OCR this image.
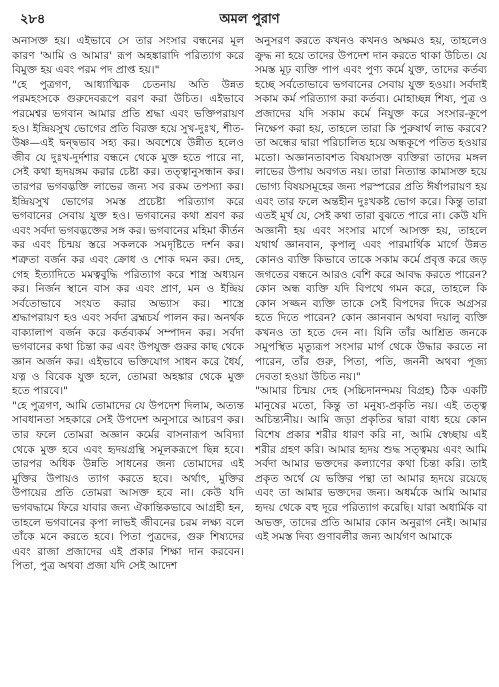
২৮৪	অমল পুরাণ

অনাসক্ত হয়। এইভাবে সে তার সংসার বন্ধনের মূল কারণ 'আমি ও আমার' রূপ অহঙ্কারাদি পরিত্যাগ করে বিমুক্ত হয় এবং পরম পদ প্রাপ্ত হয়।"

"হে পুত্রগণ, আধ্যাত্মিক চেতনায় অতি উন্নত পরমহংসকে গুরুদেবরূপে বরণ করা উচিত। এইভাবে পরমেশ্বর ভগবান আমার প্রতি শ্রদ্ধা এবং ভক্তিপরায়ণ হও। ইন্দ্রিয়সুখ ভোগের প্রতি বিরক্ত হয়ে সুখ-দুঃখ, শীত-উষ্ণ—এই দ্বন্দ্বভাব সহ্য কর। অবশেষে উন্নীত হলেও জীব যে দুঃখ-দুর্দশার বন্ধনে থেকে মুক্ত হতে পারে না, সেই কথা হৃদয়ঙ্গম করার চেষ্টা কর। তত্ত্বানুসন্ধান কর। তারপর ভগবদ্ভক্তি লাভের জন্য সব রকম তপস্যা কর। ইন্দ্রিয়সুখ ভোগের সমস্ত প্রচেষ্টা পরিত্যাগ করে ভগবানের সেবায় যুক্ত হও। ভগবানের কথা শ্রবণ কর এবং সর্বদা ভগবদ্ভক্তের সঙ্গ কর। ভগবানের মহিমা কীর্তন কর এবং চিন্ময় স্তরে সকলকে সমদৃষ্টিতে দর্শন কর। শত্রুতা বর্জন কর এবং ক্রোধ ও শোক দমন কর। দেহ, গেহ ইত্যাদিতে মমত্ববুদ্ধি পরিত্যাগ করে শাস্ত্র অধ্যয়ন কর। নির্জন স্থানে বাস কর এবং প্রাণ, মন ও ইন্দ্রিয় সর্বতোভাবে সংযত করার অভ্যাস কর। শাস্ত্রে শ্রদ্ধাপরায়ণ হও এবং সর্বদা ব্রহ্মচর্য পালন কর। অনর্থক বাক্যালাপ বর্জন করে কর্তব্যকর্ম সম্পাদন কর। সর্বদা ভগবানের কথা চিন্তা কর এবং উপযুক্ত গুরুর কাছ থেকে জ্ঞান অর্জন কর। এইভাবে ভক্তিযোগ সাধন করে ধৈর্য, যত্ন ও বিবেক যুক্ত হলে, তোমরা অহঙ্কার থেকে মুক্ত হতে পারবে।"

"হে পুত্রগণ, আমি তোমাদের যে উপদেশ দিলাম, অত্যন্ত সাবধানতা সহকারে সেই উপদেশ অনুসারে আচরণ কর। তার ফলে তোমরা অজ্ঞান কর্মের বাসনারূপ অবিদ্যা থেকে মুক্ত হবে এবং হৃদয়গ্রন্থি সমূলকরূপে ছিন্ন হবে। তারপর অধিক উন্নতি সাধনের জন্য তোমাদের এই মুক্তির উপায়ও ত্যাগ করতে হবে। অর্থাৎ, মুক্তির উপায়ের প্রতি তোমরা আসক্ত হবে না। কেউ যদি ভগবদ্ধামে ফিরে যাবার জন্য ঐকান্তিকভাবে আগ্রহী হন, তাহলে ভগবানের কৃপা লাভই জীবনের চরম লক্ষ্য বলে তাঁকে মনে করতে হবে। পিতা পুত্রদের, গুরু শিষ্যদের এবং রাজা প্রজাদের এই প্রকার শিক্ষা দান করবেন। পিতা, পুত্র অথবা প্রজা যদি সেই আদেশ

অনুসরণ করতে কখনও কখনও অক্ষমও হয়, তাহলেও ক্রুদ্ধ না হয়ে তাদের উপদেশ দান করতে থাকা উচিত। যে সমস্ত মূঢ় ব্যক্তি পাপ এবং পুণ্য কর্মে যুক্ত, তাদের কর্তব্য হচ্ছে সর্বতোভাবে ভগবানের সেবায় যুক্ত হওয়া। সর্বদাই সকাম কর্ম পরিত্যাগ করা কর্তব্য। মোহাচ্ছন্ন শিষ্য, পুত্র ও প্রজাদের যদি সকাম কর্মে নিযুক্ত করে সংসার-কূপে নিক্ষেপ করা হয়, তাহলে তারা কি পুরুষার্থ লাভ করবে? তা অন্ধের দ্বারা পরিচালিত হয়ে অন্ধকূপে পতিত হওয়ার মতো। অজ্ঞানতাবশত বিষয়াসক্ত ব্যক্তিরা তাদের মঙ্গল লাভের উপায় অবগত নয়। তারা নিত্যান্ত কামাসক্ত হয়ে ভোগ্য বিষয়সমূহের জন্য পরস্পরের প্রতি ঈর্ষাপরায়ণ হয় এবং তার ফলে অন্তহীন দুঃখকষ্ট ভোগ করে। কিন্তু তারা এতই মূর্খ যে, সেই কথা তারা বুঝতে পারে না। কেউ যদি অজ্ঞানী হয় এবং সংসার মার্গে আসক্ত হয়, তাহলে যথার্থ জ্ঞানবান, কৃপালু এবং পারমার্থিক মার্গে উন্নত কোনও ব্যক্তি কিভাবে তাকে সকাম কর্মে প্রবৃত্ত করে জড় জগতের বন্ধনে আরও বেশি করে আবদ্ধ করতে পারেন? কোন অন্ধ ব্যক্তি যদি বিপথে গমন করে, তাহলে কি কোন সজ্জন ব্যক্তি তাকে সেই বিপদের দিকে অগ্রসর হতে দিতে পারেন? কোন জ্ঞানবান অথবা দয়ালু ব্যক্তি কখনও তা হতে দেন না। যিনি তাঁর আশ্রিত জনকে সমুপস্থিত মৃত্যুরূপ সংসার মার্গ থেকে উদ্ধার করতে না পারেন, তাঁর গুরু, পিতা, পতি, জননী অথবা পূজ্য দেবতা হওয়া উচিত নয়।"

"আমার চিন্ময় দেহ (সচ্চিদানন্দময় বিগ্রহ) ঠিক একটি মানুষের মতো, কিন্তু তা মনুষ্য-প্রকৃতি নয়। এই তত্ত্ব অচিন্ত্যনীয়। আমি জড়া প্রকৃতির দ্বারা বাধ্য হয়ে কোন বিশেষ প্রকার শরীর ধারণ করি না, আমি স্বেচ্ছায় এই শরীর গ্রহণ করি। আমার হৃদয় শুদ্ধ সত্ত্বময় এবং আমি সর্বদা আমার ভক্তদের কল্যাণের কথা চিন্তা করি। তাই প্রকৃত অর্থে যে ভক্তির পন্থা তা আমার হৃদয়ে রয়েছে এবং তা আমার ভক্তদের জন্য। অধর্মকে আমি আমার হৃদয় থেকে বহু দূরে পরিত্যাগ করেছি। যারা অধার্মিক বা অভক্ত, তাদের প্রতি আমার কোন অনুরাগ নেই। আমার এই সমস্ত দিব্য গুণাবলীর জন্য আর্যগণ আমাকে
